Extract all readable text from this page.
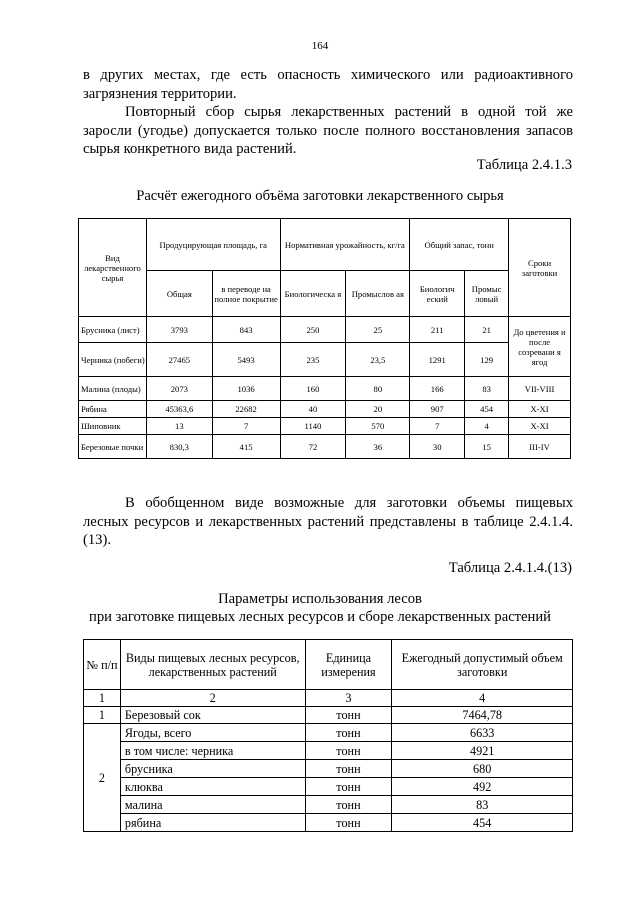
164
в других местах, где есть опасность химического или радиоактивного загрязнения территории.
Повторный сбор сырья лекарственных растений в одной той же заросли (угодье) допускается только после полного восстановления запасов сырья конкретного вида растений.
Таблица 2.4.1.3
Расчёт ежегодного объёма заготовки лекарственного сырья
Вид лекарственного сырья	Продуцирующая площадь, га		Нормативная урожайность, кг/га		Общий запас, тонн		Сроки заготовки
	Общая	в переводе на полное покрытие	Биологическа я	Промыслов ая	Биологич еский	Промыс ловый	
Брусника (лист)	3793	843	250	25	211	21	До цветения и после созревани я ягод
Черника (побеги)	27465	5493	235	23,5	1291	129	
Малина (плоды)	2073	1036	160	80	166	83	VII-VIII
Рябина	45363,6	22682	40	20	907	454	X-XI
Шиповник	13	7	1140	570	7	4	X-XI
Березовые почки	830,3	415	72	36	30	15	III-IV
В обобщенном виде возможные для заготовки объемы пищевых лесных ресурсов и лекарственных растений представлены в таблице 2.4.1.4.(13).
Таблица 2.4.1.4.(13)
Параметры использования лесов
при заготовке пищевых лесных ресурсов и сборе лекарственных растений
№ п/п	Виды пищевых лесных ресурсов, лекарственных растений	Единица измерения	Ежегодный допустимый объем заготовки
1	2	3	4
1	Березовый сок	тонн	7464,78
2	Ягоды, всего	тонн	6633
	в том числе: черника	тонн	4921
	брусника	тонн	680
	клюква	тонн	492
	малина	тонн	83
	рябина	тонн	454
